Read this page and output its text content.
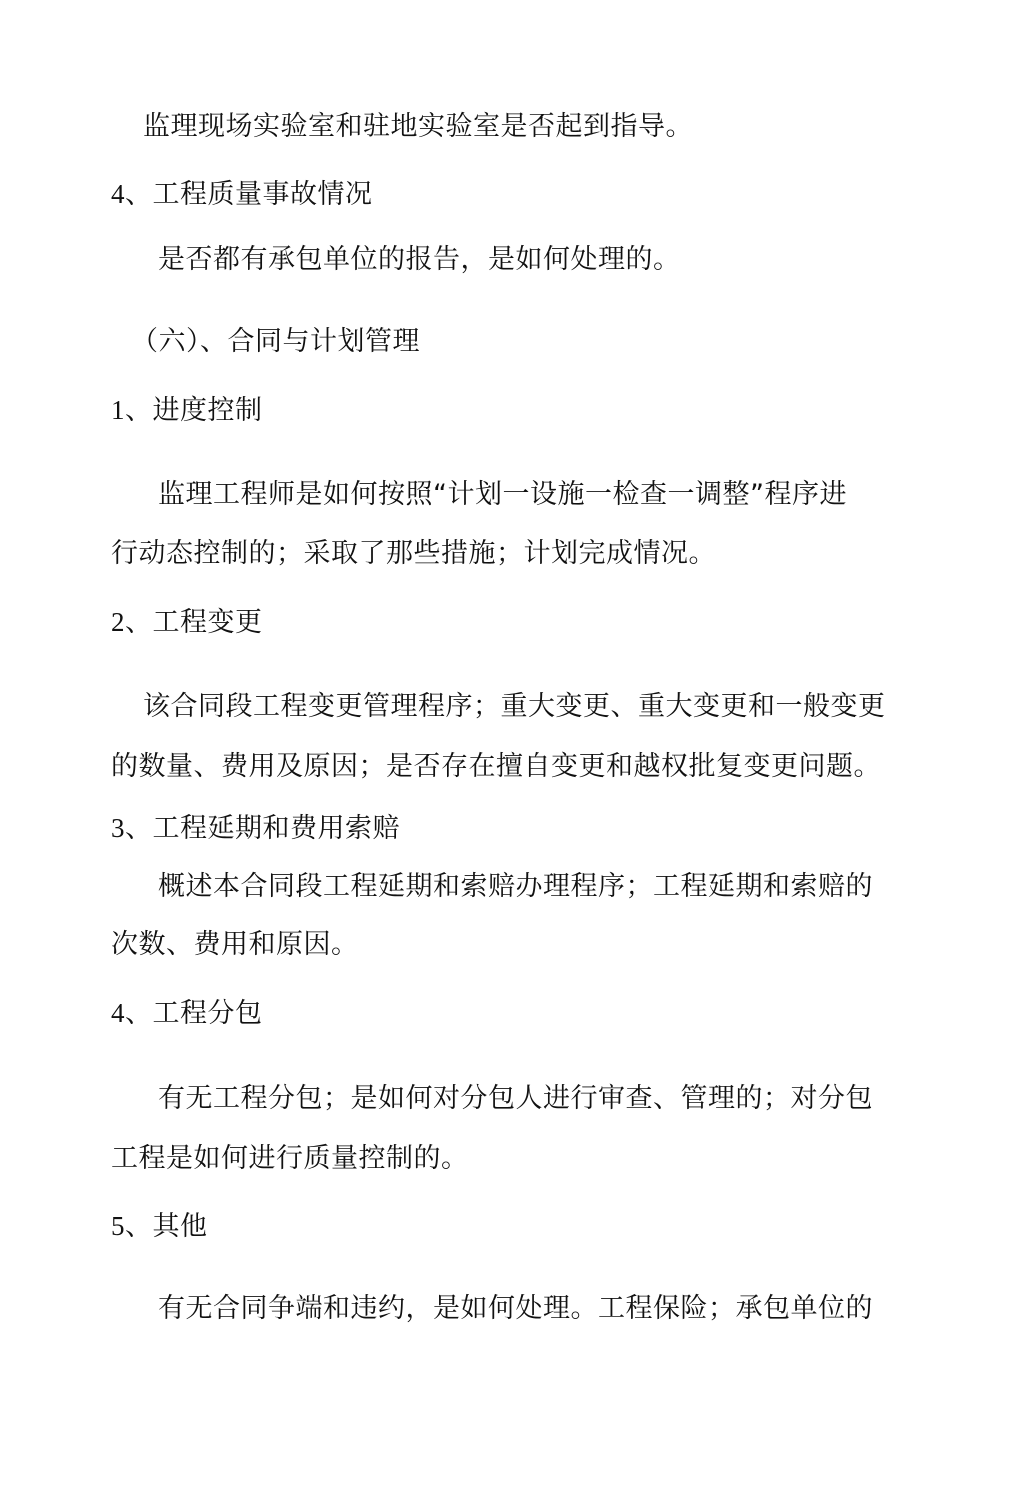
监理现场实验室和驻地实验室是否起到指导。
4、工程质量事故情况
是否都有承包单位的报告，是如何处理的。
（六）、合同与计划管理
1、进度控制
监理工程师是如何按照“计划一设施一检查一调整”程序进
行动态控制的；采取了那些措施；计划完成情况。
2、工程变更
该合同段工程变更管理程序；重大变更、重大变更和一般变更
的数量、费用及原因；是否存在擅自变更和越权批复变更问题。
3、工程延期和费用索赔
概述本合同段工程延期和索赔办理程序；工程延期和索赔的
次数、费用和原因。
4、工程分包
有无工程分包；是如何对分包人进行审查、管理的；对分包
工程是如何进行质量控制的。
5、其他
有无合同争端和违约，是如何处理。工程保险；承包单位的
